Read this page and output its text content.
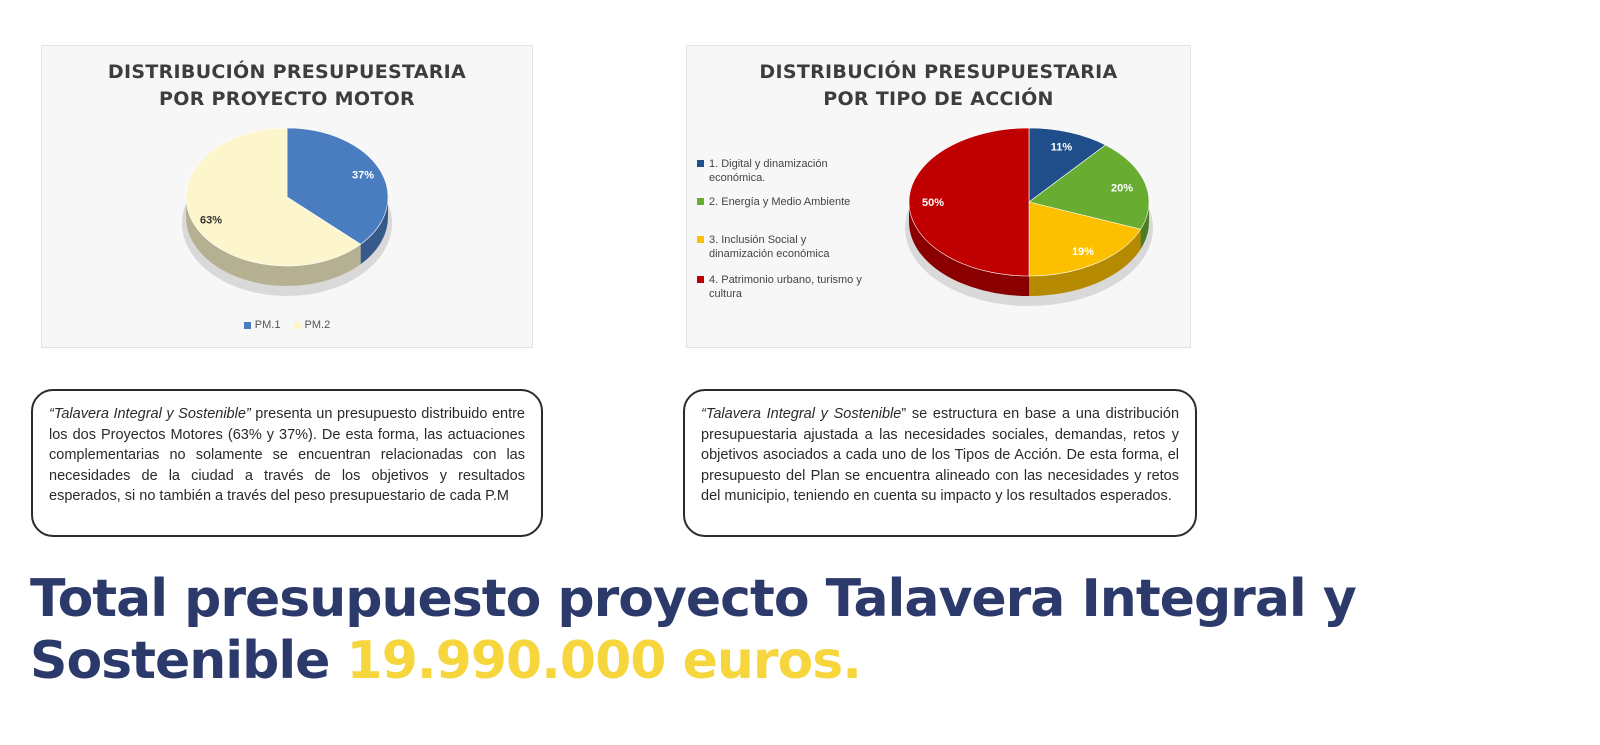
DISTRIBUCIÓN PRESUPUESTARIA
POR PROYECTO MOTOR
37%
63%
PM.1 PM.2
DISTRIBUCIÓN PRESUPUESTARIA
POR TIPO DE ACCIÓN
1. Digital y dinamización económica.
2. Energía y Medio Ambiente
3. Inclusión Social y dinamización económica
4. Patrimonio urbano, turismo y cultura
11%
20%
19%
50%
“Talavera Integral y Sostenible” presenta un presupuesto distribuido entre los dos Proyectos Motores (63% y 37%). De esta forma, las actuaciones complementarias no solamente se encuentran relacionadas con las necesidades de la ciudad a través de los objetivos y resultados esperados, si no también a través del peso presupuestario de cada P.M
“Talavera Integral y Sostenible” se estructura en base a una distribución presupuestaria ajustada a las necesidades sociales, demandas, retos y objetivos asociados a cada uno de los Tipos de Acción. De esta forma, el presupuesto del Plan se encuentra alineado con las necesidades y retos del municipio, teniendo en cuenta su impacto y los resultados esperados.
Total presupuesto proyecto Talavera Integral y Sostenible 19.990.000 euros.
